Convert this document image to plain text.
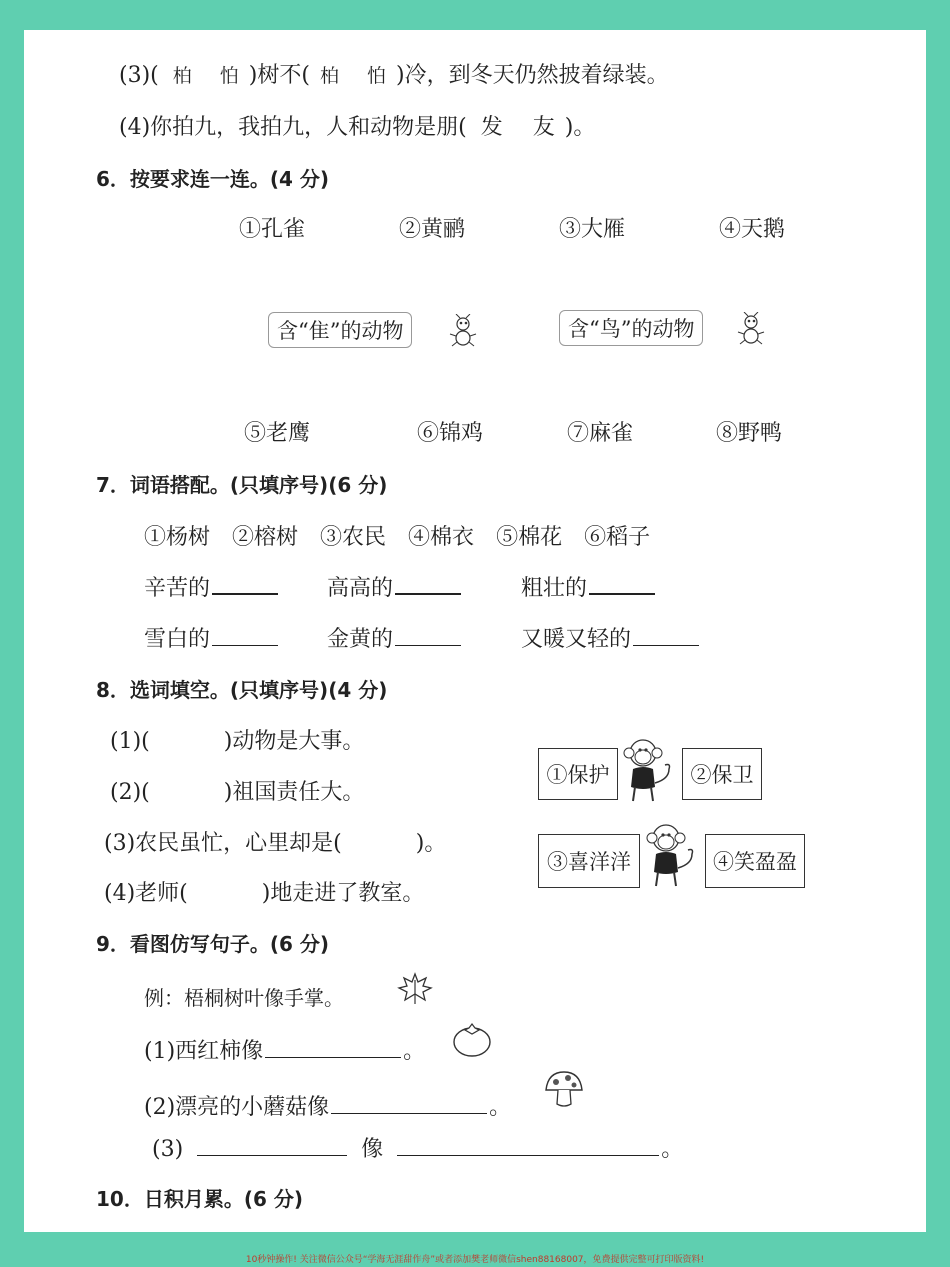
(3)( 柏 怕 )树不( 柏 怕 )冷，到冬天仍然披着绿装。
(4)你拍九，我拍九，人和动物是朋( 发 友 )。
6．按要求连一连。(4 分)
①孔雀	②黄鹂	③大雁	④天鹅
含“隹”的动物	含“鸟”的动物
⑤老鹰	⑥锦鸡	⑦麻雀	⑧野鸭
7．词语搭配。(只填序号)(6 分)
①杨树 ②榕树 ③农民 ④棉衣 ⑤棉花 ⑥稻子
辛苦的	高高的	粗壮的
雪白的	金黄的	又暖又轻的
8．选词填空。(只填序号)(4 分)
(1)(	)动物是大事。
(2)(	)祖国责任大。
(3)农民虽忙，心里却是(	)。
(4)老师(	)地走进了教室。
①保护	②保卫
③喜洋洋	④笑盈盈
9．看图仿写句子。(6 分)
例：梧桐树叶像手掌。
(1)西红柿像	。
(2)漂亮的小蘑菇像	。
(3)	像	。
10．日积月累。(6 分)
10秒钟操作! 关注微信公众号“学海无涯甜作舟”或者添加樊老师微信shen88168007，免费提供完整可打印版资料!
